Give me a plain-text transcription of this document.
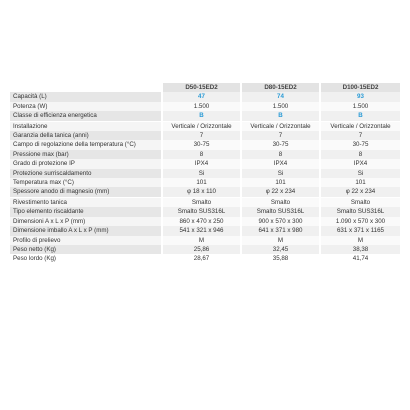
	D50-15ED2	D80-15ED2	D100-15ED2
Capacità (L)	47	74	93
Potenza (W)	1.500	1.500	1.500
Classe di efficienza energetica	B	B	B
Installazione	Verticale / Orizzontale	Verticale / Orizzontale	Verticale / Orizzontale
Garanzia della tanica (anni)	7	7	7
Campo di regolazione della temperatura (°C)	30-75	30-75	30-75
Pressione max (bar)	8	8	8
Grado di protezione IP	IPX4	IPX4	IPX4
Protezione surriscaldamento	Si	Si	Si
Temperatura max (°C)	101	101	101
Spessore anodo di magnesio (mm)	φ 18 x 110	φ 22 x 234	φ 22 x 234
Rivestimento tanica	Smalto	Smalto	Smalto
Tipo elemento riscaldante	Smalto SUS316L	Smalto SUS316L	Smalto SUS316L
Dimensioni A x L x P (mm)	860 x 470 x 250	900 x 570 x 300	1.090 x 570 x 300
Dimensione imballo A x L x P (mm)	541 x 321 x 946	641 x 371 x 980	631 x 371 x 1165
Profilo di prelievo	M	M	M
Peso netto (Kg)	25,86	32,45	38,38
Peso lordo (Kg)	28,67	35,88	41,74
